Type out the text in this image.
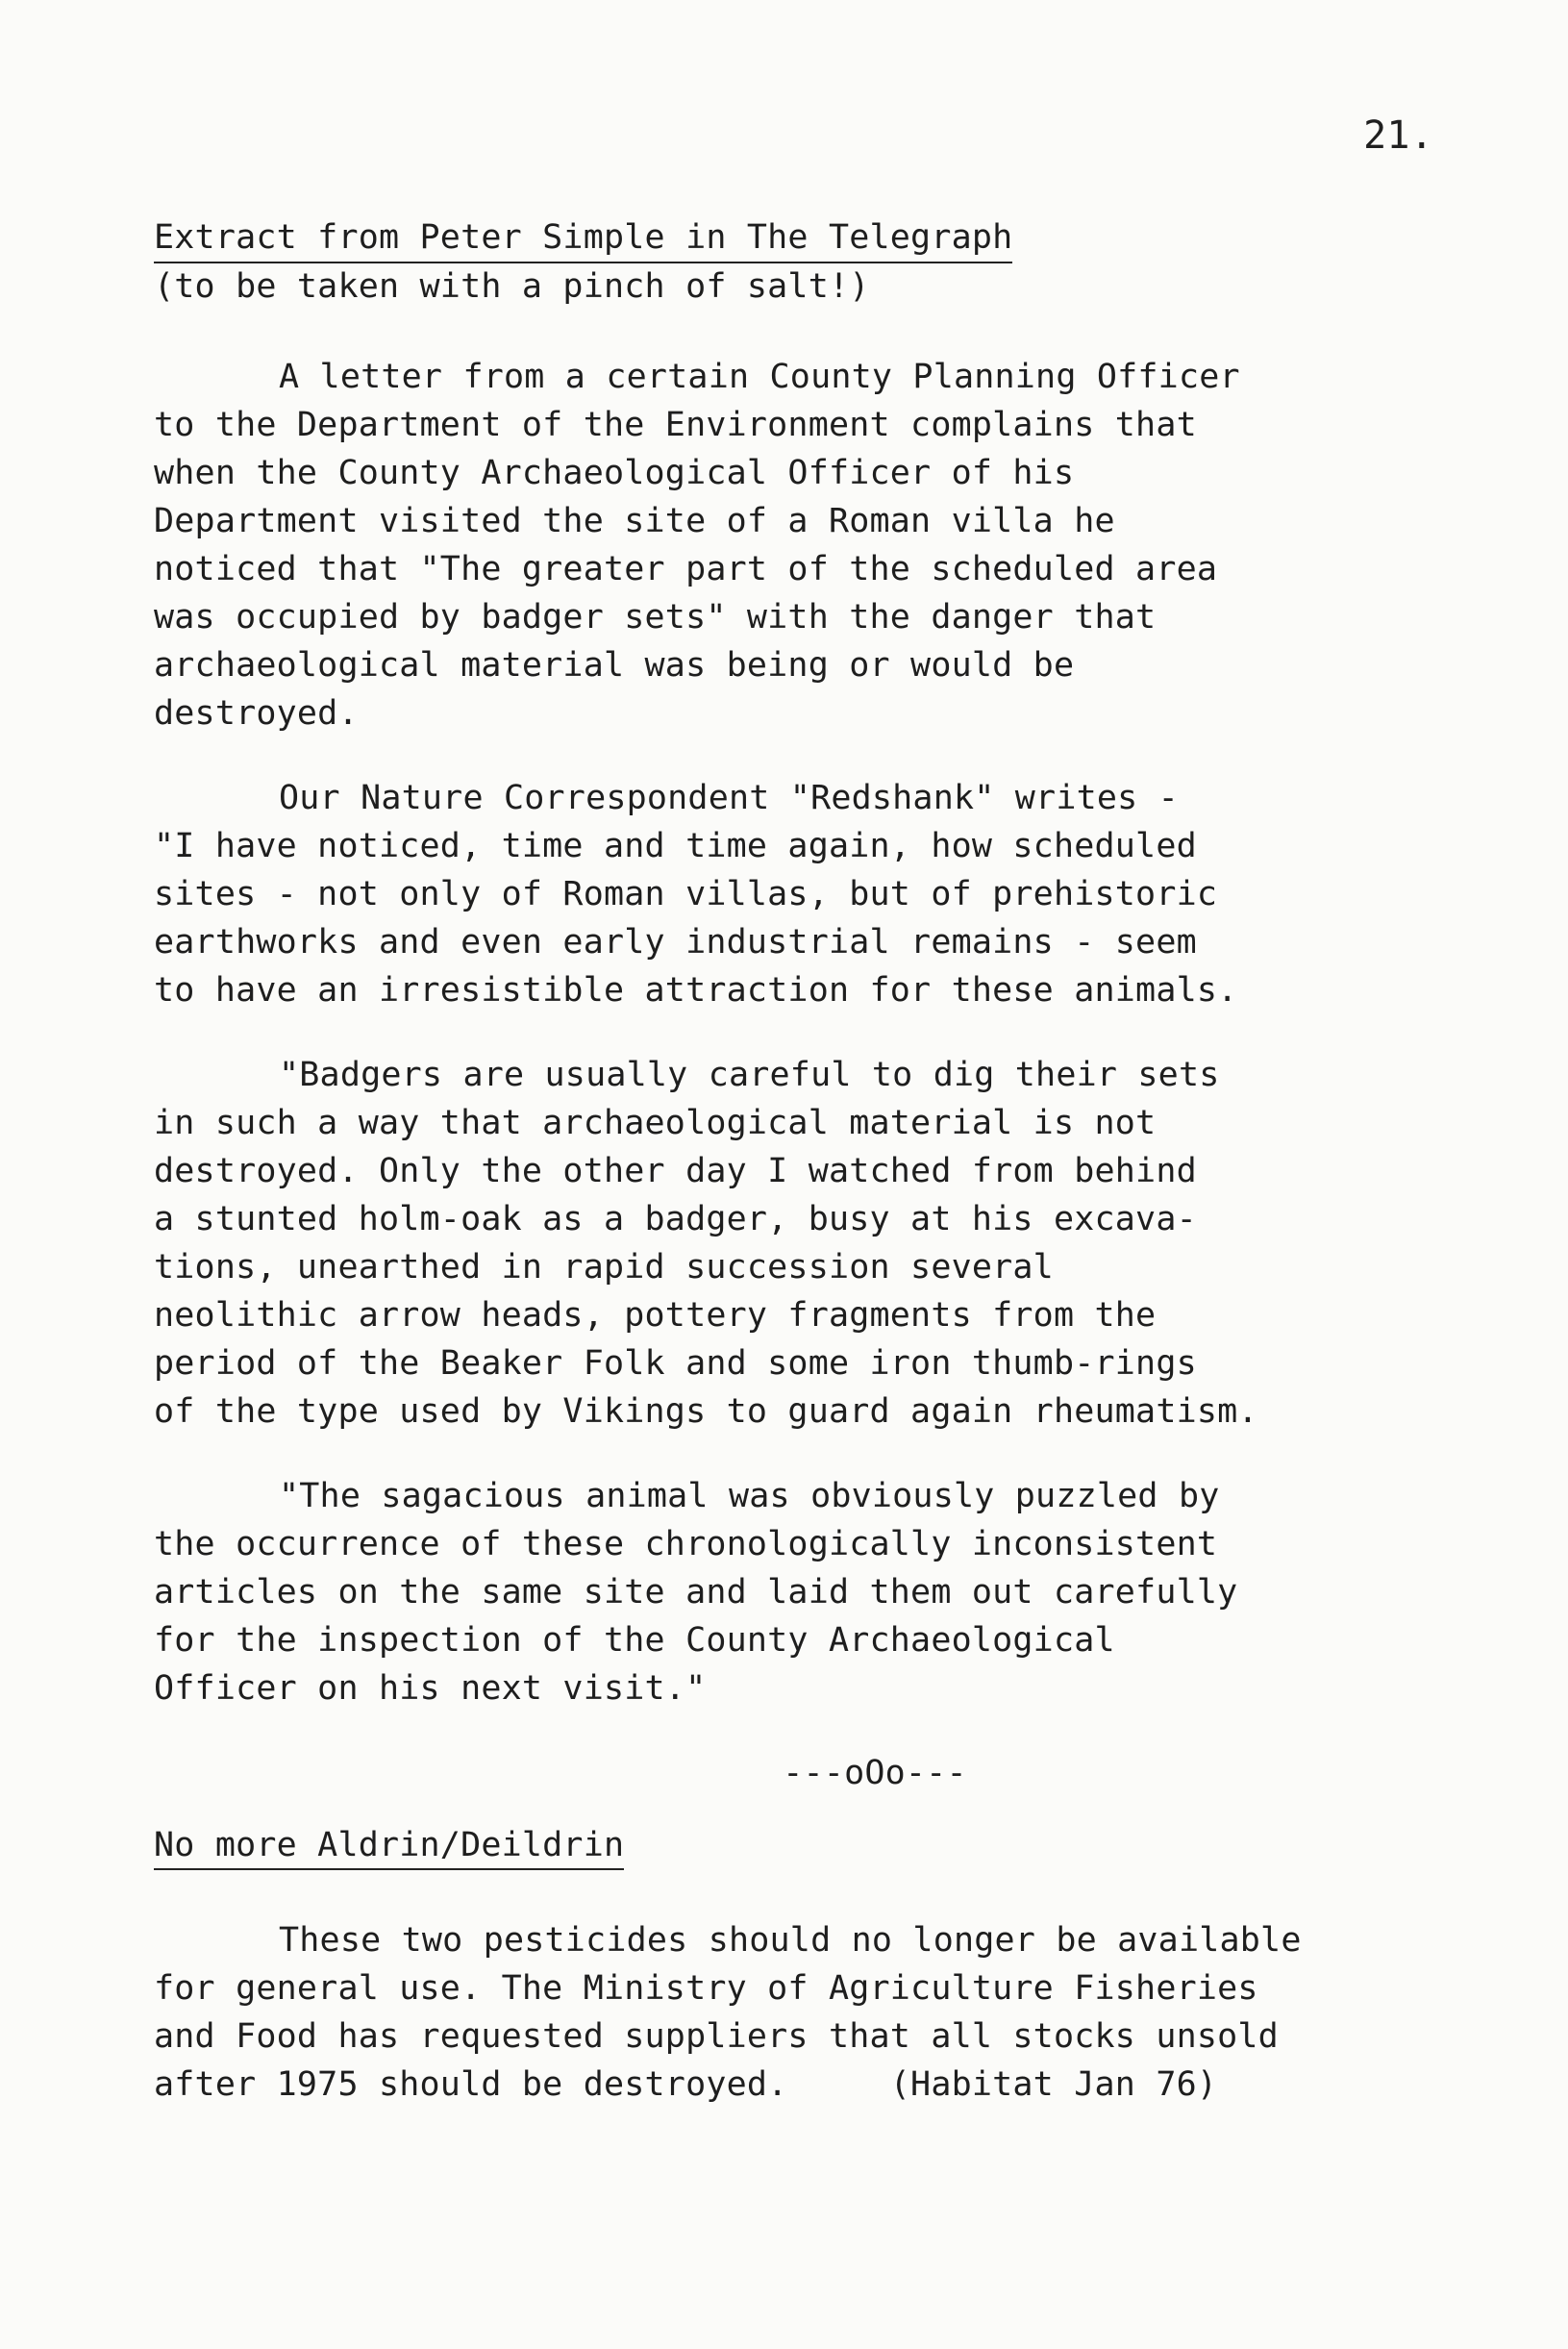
21.
Extract from Peter Simple in The Telegraph
(to be taken with a pinch of salt!)

A letter from a certain County Planning Officer
to the Department of the Environment complains that
when the County Archaeological Officer of his
Department visited the site of a Roman villa he
noticed that "The greater part of the scheduled area
was occupied by badger sets" with the danger that
archaeological material was being or would be
destroyed.

Our Nature Correspondent "Redshank" writes -
"I have noticed, time and time again, how scheduled
sites - not only of Roman villas, but of prehistoric
earthworks and even early industrial remains - seem
to have an irresistible attraction for these animals.

"Badgers are usually careful to dig their sets
in such a way that archaeological material is not
destroyed. Only the other day I watched from behind
a stunted holm-oak as a badger, busy at his excava-
tions, unearthed in rapid succession several
neolithic arrow heads, pottery fragments from the
period of the Beaker Folk and some iron thumb-rings
of the type used by Vikings to guard again rheumatism.

"The sagacious animal was obviously puzzled by
the occurrence of these chronologically inconsistent
articles on the same site and laid them out carefully
for the inspection of the County Archaeological
Officer on his next visit."

---oOo---
No more Aldrin/Deildrin

These two pesticides should no longer be available
for general use. The Ministry of Agriculture Fisheries
and Food has requested suppliers that all stocks unsold
after 1975 should be destroyed.     (Habitat Jan 76)
